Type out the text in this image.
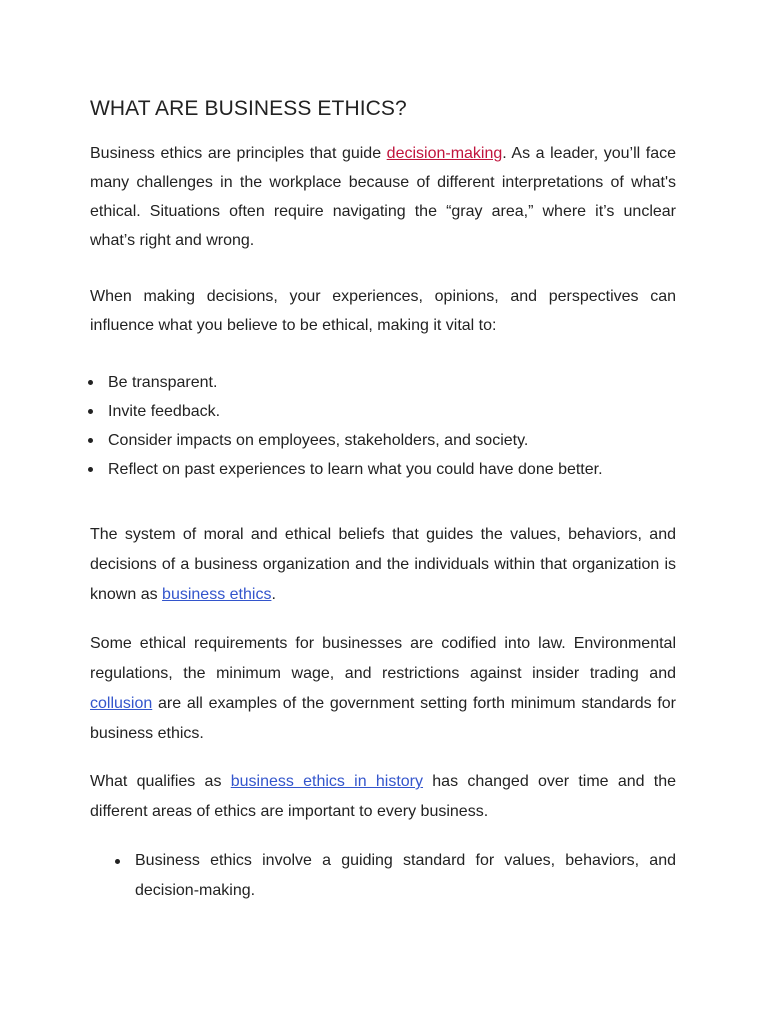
WHAT ARE BUSINESS ETHICS?

Business ethics are principles that guide decision-making. As a leader, you’ll face many challenges in the workplace because of different interpretations of what's ethical. Situations often require navigating the “gray area,” where it’s unclear what’s right and wrong.

When making decisions, your experiences, opinions, and perspectives can influence what you believe to be ethical, making it vital to:

Be transparent.
Invite feedback.
Consider impacts on employees, stakeholders, and society.
Reflect on past experiences to learn what you could have done better.

The system of moral and ethical beliefs that guides the values, behaviors, and decisions of a business organization and the individuals within that organization is known as business ethics.

Some ethical requirements for businesses are codified into law. Environmental regulations, the minimum wage, and restrictions against insider trading and collusion are all examples of the government setting forth minimum standards for business ethics.

What qualifies as business ethics in history has changed over time and the different areas of ethics are important to every business.

Business ethics involve a guiding standard for values, behaviors, and decision-making.
